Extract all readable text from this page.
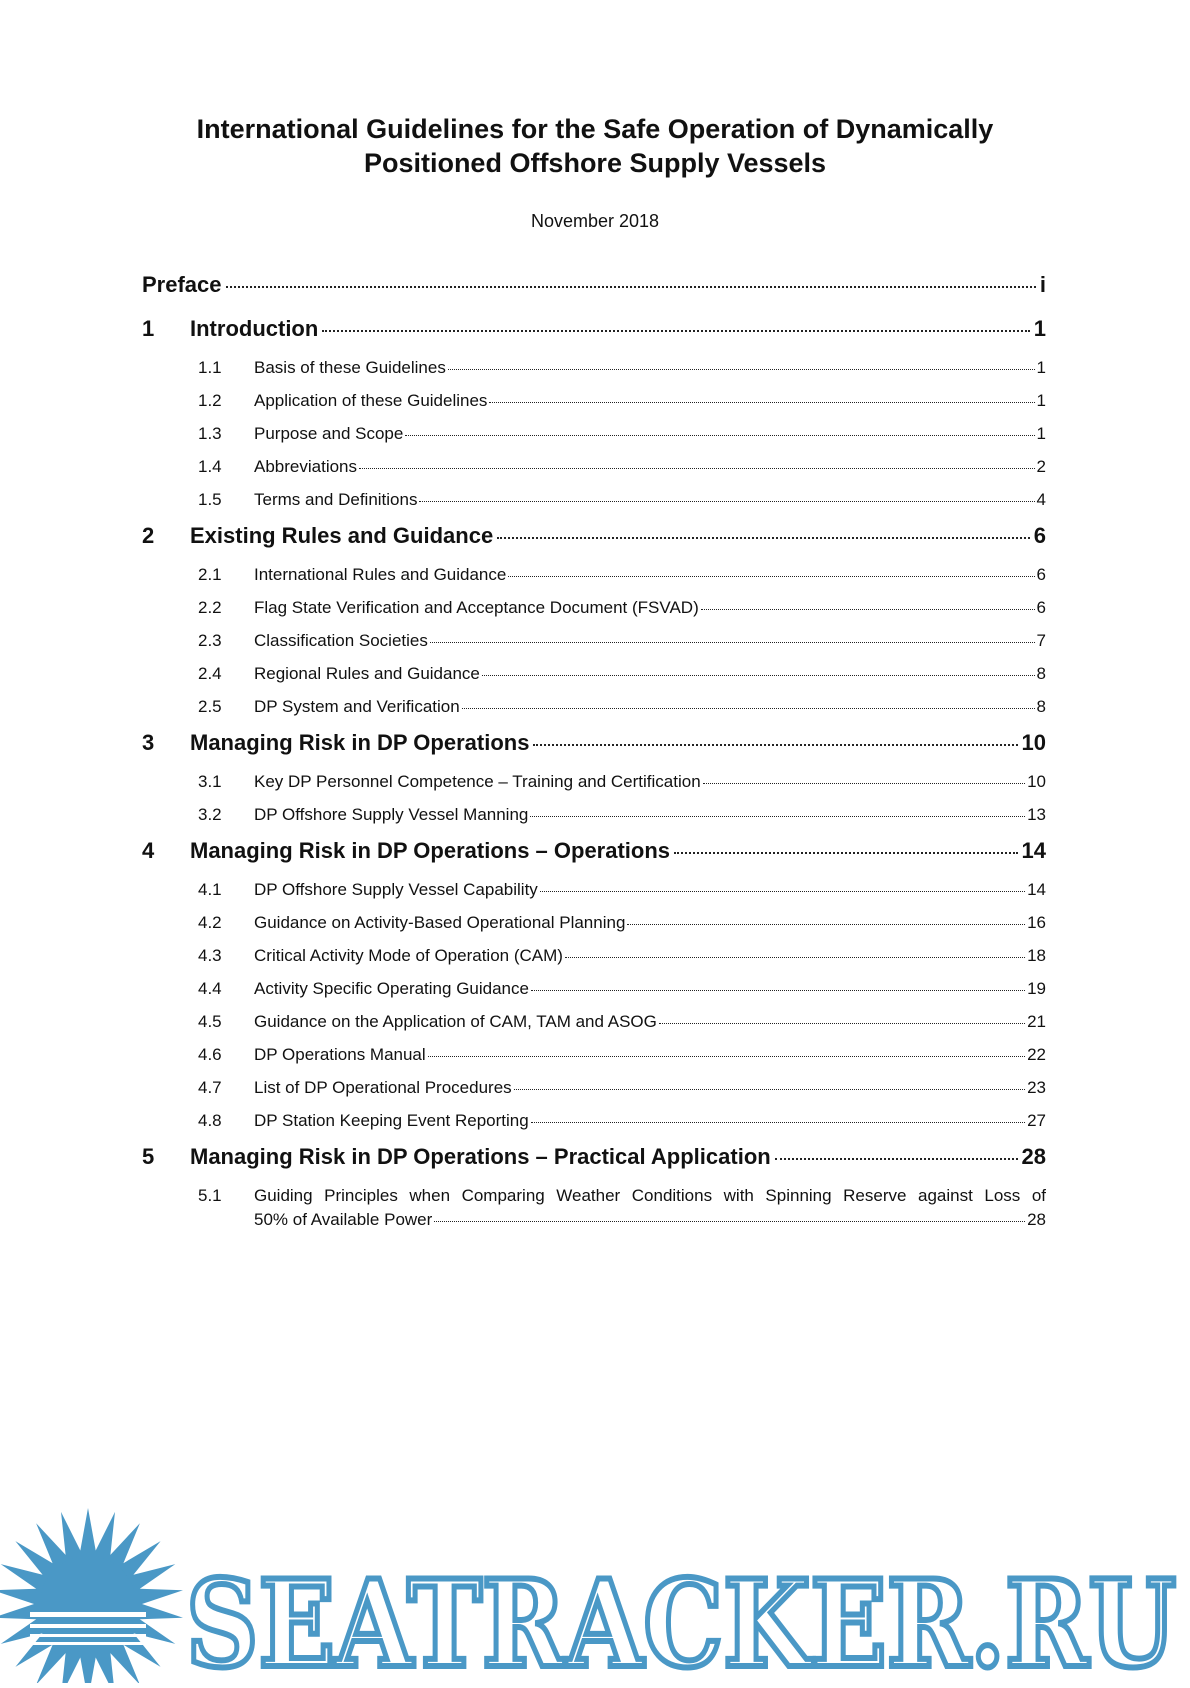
International Guidelines for the Safe Operation of Dynamically
Positioned Offshore Supply Vessels
November 2018
Preface	i
1	Introduction	1
1.1	Basis of these Guidelines	1
1.2	Application of these Guidelines	1
1.3	Purpose and Scope	1
1.4	Abbreviations	2
1.5	Terms and Definitions	4
2	Existing Rules and Guidance	6
2.1	International Rules and Guidance	6
2.2	Flag State Verification and Acceptance Document (FSVAD)	6
2.3	Classification Societies	7
2.4	Regional Rules and Guidance	8
2.5	DP System and Verification	8
3	Managing Risk in DP Operations	10
3.1	Key DP Personnel Competence – Training and Certification	10
3.2	DP Offshore Supply Vessel Manning	13
4	Managing Risk in DP Operations – Operations	14
4.1	DP Offshore Supply Vessel Capability	14
4.2	Guidance on Activity-Based Operational Planning	16
4.3	Critical Activity Mode of Operation (CAM)	18
4.4	Activity Specific Operating Guidance	19
4.5	Guidance on the Application of CAM, TAM and ASOG	21
4.6	DP Operations Manual	22
4.7	List of DP Operational Procedures	23
4.8	DP Station Keeping Event Reporting	27
5	Managing Risk in DP Operations – Practical Application	28
5.1	Guiding Principles when Comparing Weather Conditions with Spinning Reserve against Loss of
50% of Available Power	28
SEATRACKER.RU
